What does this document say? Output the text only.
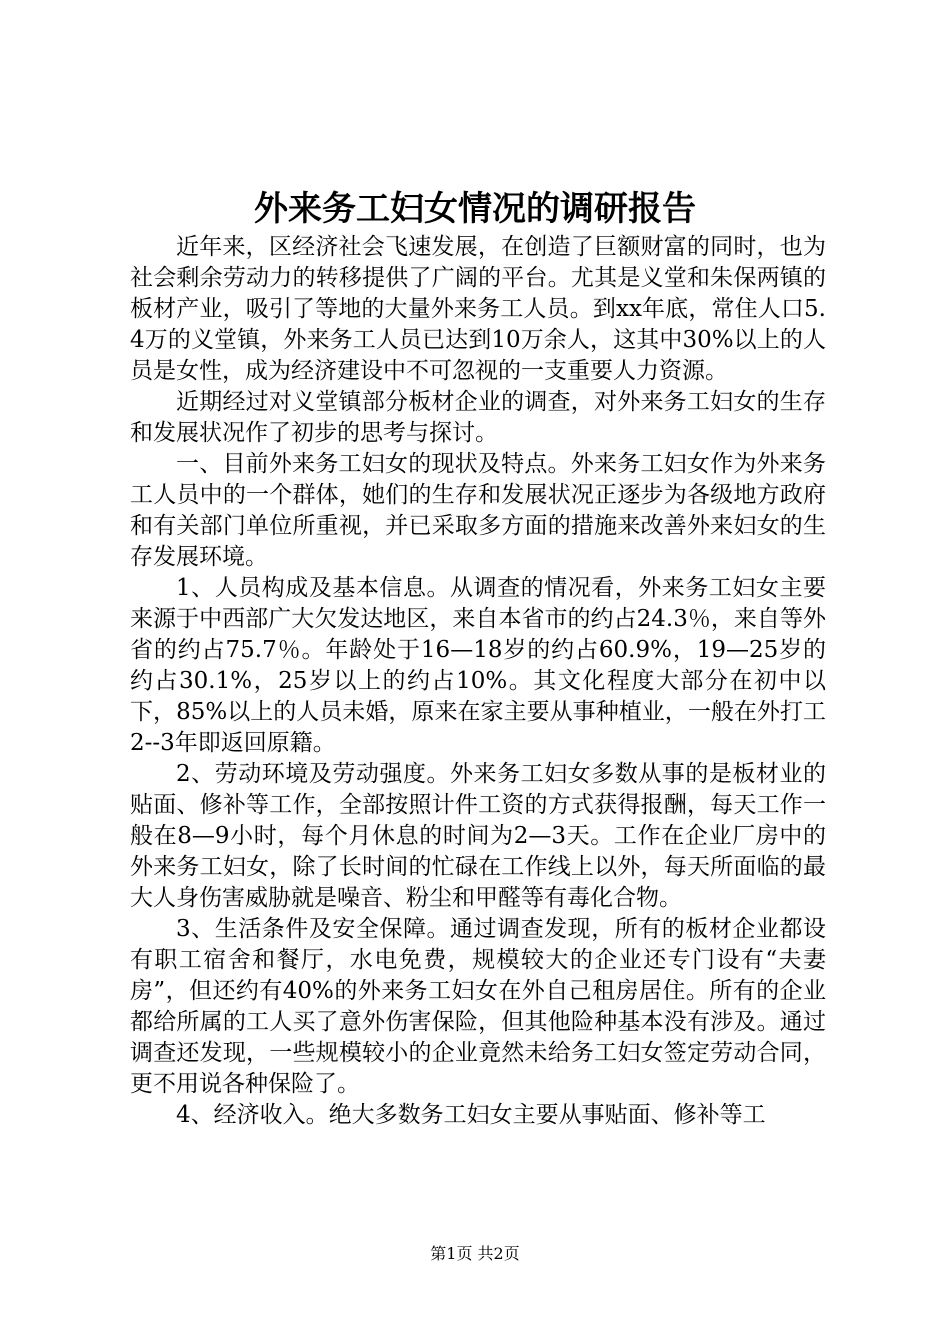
外来务工妇女情况的调研报告

近年来，区经济社会飞速发展，在创造了巨额财富的同时，也为社会剩余劳动力的转移提供了广阔的平台。尤其是义堂和朱保两镇的板材产业，吸引了等地的大量外来务工人员。到xx年底，常住人口5.4万的义堂镇，外来务工人员已达到10万余人，这其中30%以上的人员是女性，成为经济建设中不可忽视的一支重要人力资源。

近期经过对义堂镇部分板材企业的调查，对外来务工妇女的生存和发展状况作了初步的思考与探讨。

一、目前外来务工妇女的现状及特点。外来务工妇女作为外来务工人员中的一个群体，她们的生存和发展状况正逐步为各级地方政府和有关部门单位所重视，并已采取多方面的措施来改善外来妇女的生存发展环境。

1、人员构成及基本信息。从调查的情况看，外来务工妇女主要来源于中西部广大欠发达地区，来自本省市的约占24.3％，来自等外省的约占75.7％。年龄处于16—18岁的约占60.9%，19—25岁的约占30.1%，25岁以上的约占10%。其文化程度大部分在初中以下，85%以上的人员未婚，原来在家主要从事种植业，一般在外打工2--3年即返回原籍。

2、劳动环境及劳动强度。外来务工妇女多数从事的是板材业的贴面、修补等工作，全部按照计件工资的方式获得报酬，每天工作一般在8—9小时，每个月休息的时间为2—3天。工作在企业厂房中的外来务工妇女，除了长时间的忙碌在工作线上以外，每天所面临的最大人身伤害威胁就是噪音、粉尘和甲醛等有毒化合物。

3、生活条件及安全保障。通过调查发现，所有的板材企业都设有职工宿舍和餐厅，水电免费，规模较大的企业还专门设有“夫妻房”，但还约有40%的外来务工妇女在外自己租房居住。所有的企业都给所属的工人买了意外伤害保险，但其他险种基本没有涉及。通过调查还发现，一些规模较小的企业竟然未给务工妇女签定劳动合同，更不用说各种保险了。

4、经济收入。绝大多数务工妇女主要从事贴面、修补等工

第1页 共2页
